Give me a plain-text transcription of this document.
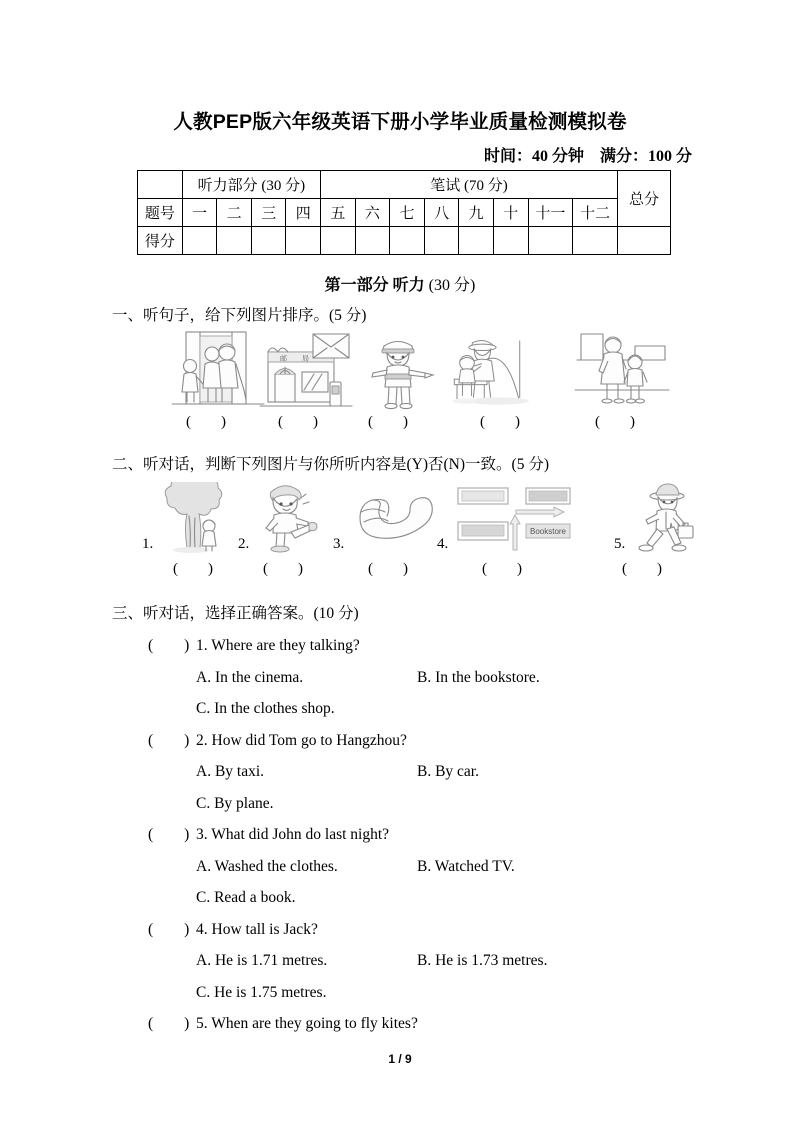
人教PEP版六年级英语下册小学毕业质量检测模拟卷
时间：40 分钟 满分：100 分
	听力部分 (30 分)				笔试 (70 分)								总分
题号	一	二	三	四	五	六	七	八	九	十	十一	十二	
得分													
第一部分 听力 (30 分)
一、听句子，给下列图片排序。(5 分)
邮 局
(        )	(        )	(        )	(        )	(        )
二、听对话，判断下列图片与你所听内容是(Y)否(N)一致。(5 分)
1.	2.	3.	4.
Bookstore
5.
(        )	(        )	(        )	(        )	(        )
三、听对话，选择正确答案。(10 分)
(        ) 1. Where are they talking?
A. In the cinema.	B. In the bookstore.
C. In the clothes shop.
(        ) 2. How did Tom go to Hangzhou?
A. By taxi.	B. By car.
C. By plane.
(        ) 3. What did John do last night?
A. Washed the clothes.	B. Watched TV.
C. Read a book.
(        ) 4. How tall is Jack?
A. He is 1.71 metres.	B. He is 1.73 metres.
C. He is 1.75 metres.
(        ) 5. When are they going to fly kites?
1 / 9
